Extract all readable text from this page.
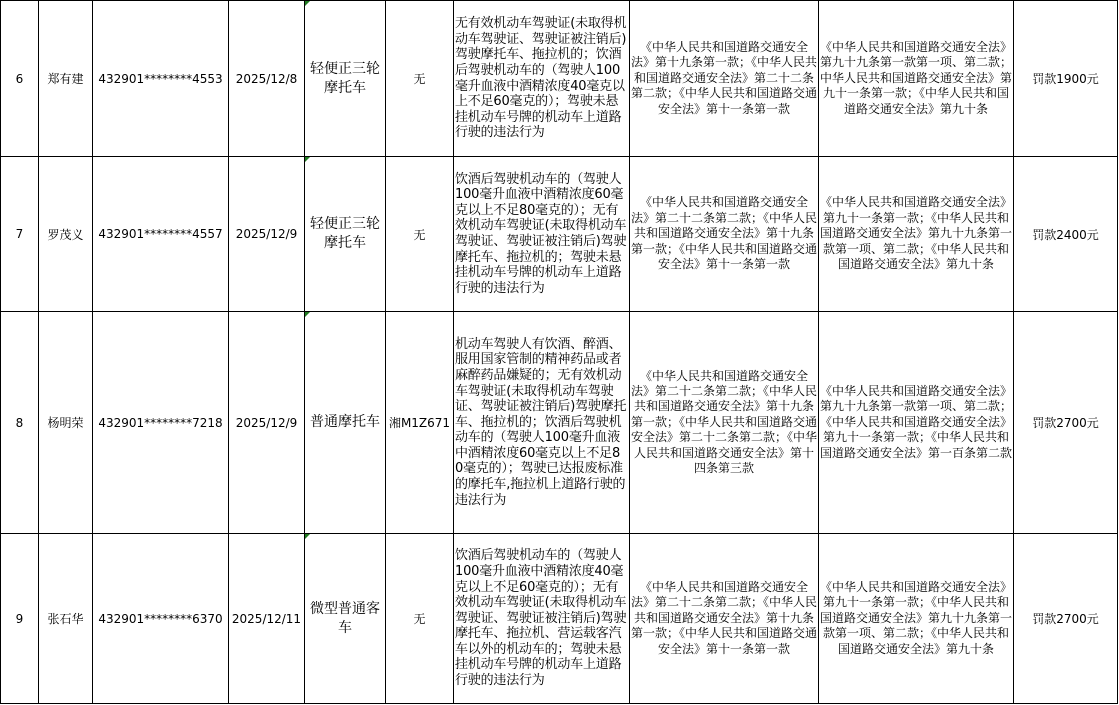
6	郑有建	432901********4553	2025/12/8	轻便正三轮摩托车	无	无有效机动车驾驶证(未取得机动车驾驶证、驾驶证被注销后)驾驶摩托车、拖拉机的；饮酒后驾驶机动车的（驾驶人100毫升血液中酒精浓度40毫克以上不足60毫克的）；驾驶未悬挂机动车号牌的机动车上道路行驶的违法行为	《中华人民共和国道路交通安全法》第十九条第一款；《中华人民共和国道路交通安全法》第二十二条第二款；《中华人民共和国道路交通安全法》第十一条第一款	《中华人民共和国道路交通安全法》第九十九条第一款第一项、第二款；中华人民共和国道路交通安全法》第九十一条第一款；《中华人民共和国道路交通安全法》第九十条	罚款1900元
7	罗茂义	432901********4557	2025/12/9	轻便正三轮摩托车	无	饮酒后驾驶机动车的（驾驶人100毫升血液中酒精浓度60毫克以上不足80毫克的）；无有效机动车驾驶证(未取得机动车驾驶证、驾驶证被注销后)驾驶摩托车、拖拉机的；驾驶未悬挂机动车号牌的机动车上道路行驶的违法行为	《中华人民共和国道路交通安全法》第二十二条第二款；《中华人民共和国道路交通安全法》第十九条第一款；《中华人民共和国道路交通安全法》第十一条第一款	《中华人民共和国道路交通安全法》第九十一条第一款；《中华人民共和国道路交通安全法》第九十九条第一款第一项、第二款；《中华人民共和国道路交通安全法》第九十条	罚款2400元
8	杨明荣	432901********7218	2025/12/9	普通摩托车	湘M1Z671	机动车驾驶人有饮酒、醉酒、服用国家管制的精神药品或者麻醉药品嫌疑的；无有效机动车驾驶证(未取得机动车驾驶证、驾驶证被注销后)驾驶摩托车、拖拉机的；饮酒后驾驶机动车的（驾驶人100毫升血液中酒精浓度60毫克以上不足80毫克的）；驾驶已达报废标准的摩托车,拖拉机上道路行驶的违法行为	《中华人民共和国道路交通安全法》第二十二条第二款；《中华人民共和国道路交通安全法》第十九条第一款；《中华人民共和国道路交通安全法》第二十二条第二款；《中华人民共和国道路交通安全法》第十四条第三款	《中华人民共和国道路交通安全法》第九十九条第一款第一项、第二款；《中华人民共和国道路交通安全法》第九十一条第一款；《中华人民共和国道路交通安全法》第一百条第二款	罚款2700元
9	张石华	432901********6370	2025/12/11	微型普通客车	无	饮酒后驾驶机动车的（驾驶人100毫升血液中酒精浓度40毫克以上不足60毫克的）；无有效机动车驾驶证(未取得机动车驾驶证、驾驶证被注销后)驾驶摩托车、拖拉机、营运载客汽车以外的机动车的；驾驶未悬挂机动车号牌的机动车上道路行驶的违法行为	《中华人民共和国道路交通安全法》第二十二条第二款；《中华人民共和国道路交通安全法》第十九条第一款；《中华人民共和国道路交通安全法》第十一条第一款	《中华人民共和国道路交通安全法》第九十一条第一款；《中华人民共和国道路交通安全法》第九十九条第一款第一项、第二款；《中华人民共和国道路交通安全法》第九十条	罚款2700元
